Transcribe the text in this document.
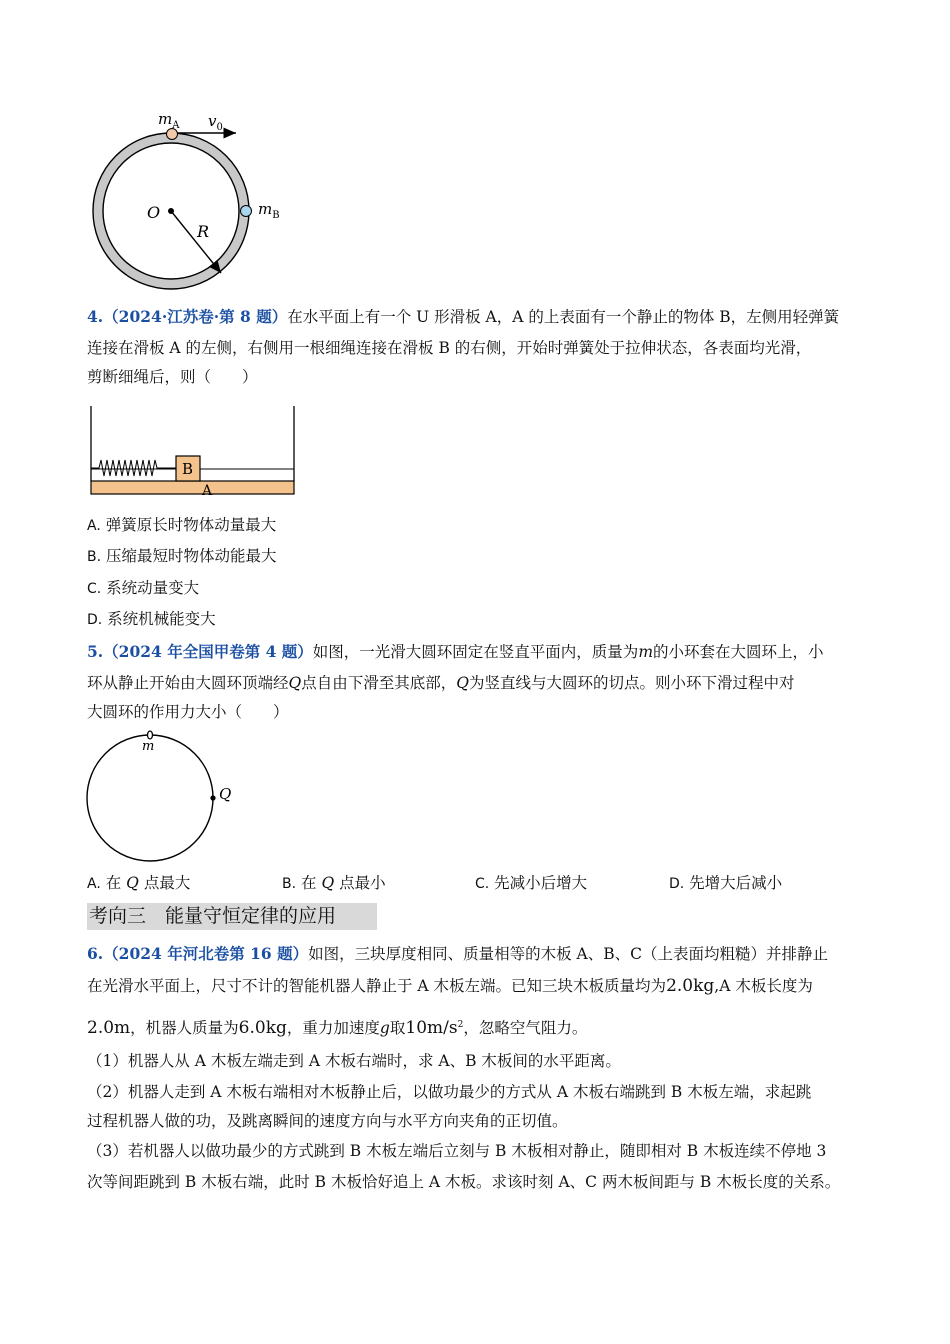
$m_A$ $v_0$
O
R
$m_B$
4.（2024·江苏卷·第 8 题）在水平面上有一个 U 形滑板 A，A 的上表面有一个静止的物体 B，左侧用轻弹簧
连接在滑板 A 的左侧，右侧用一根细绳连接在滑板 B 的右侧，开始时弹簧处于拉伸状态，各表面均光滑，
剪断细绳后，则（　　）
B
A
A. 弹簧原长时物体动量最大
B. 压缩最短时物体动能最大
C. 系统动量变大
D. 系统机械能变大
5.（2024 年全国甲卷第 4 题）如图，一光滑大圆环固定在竖直平面内，质量为m的小环套在大圆环上，小
环从静止开始由大圆环顶端经Q点自由下滑至其底部，Q为竖直线与大圆环的切点。则小环下滑过程中对
大圆环的作用力大小（　　）
m
Q
A. 在 Q 点最大	B. 在 Q 点最小	C. 先减小后增大	D. 先增大后减小
考向三　能量守恒定律的应用
6.（2024 年河北卷第 16 题）如图，三块厚度相同、质量相等的木板 A、B、C（上表面均粗糙）并排静止
在光滑水平面上，尺寸不计的智能机器人静止于 A 木板左端。已知三块木板质量均为2.0kg,A 木板长度为
2.0m，机器人质量为6.0kg，重力加速度g取$10m/s^2$，忽略空气阻力。
（1）机器人从 A 木板左端走到 A 木板右端时，求 A、B 木板间的水平距离。
（2）机器人走到 A 木板右端相对木板静止后，以做功最少的方式从 A 木板右端跳到 B 木板左端，求起跳
过程机器人做的功，及跳离瞬间的速度方向与水平方向夹角的正切值。
（3）若机器人以做功最少的方式跳到 B 木板左端后立刻与 B 木板相对静止，随即相对 B 木板连续不停地 3
次等间距跳到 B 木板右端，此时 B 木板恰好追上 A 木板。求该时刻 A、C 两木板间距与 B 木板长度的关系。
